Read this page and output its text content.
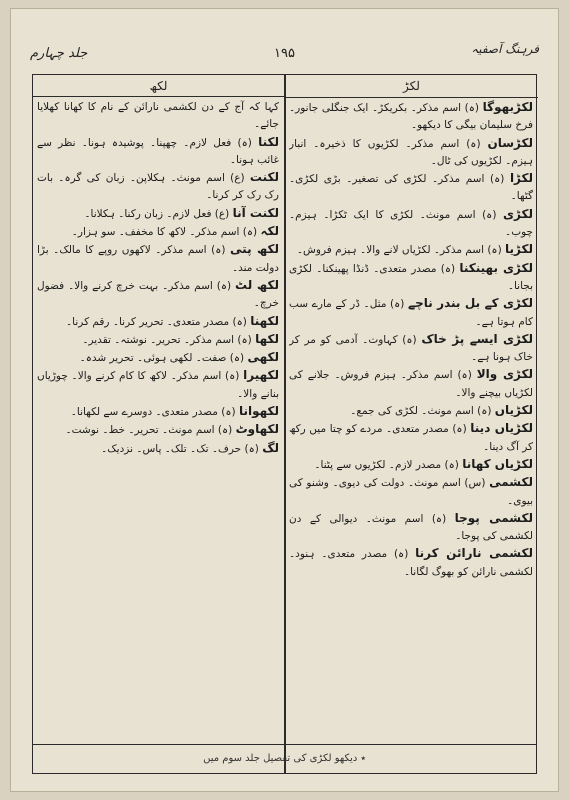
جلد چہارم	۱۹۵	فرہنگ آصفیہ
لکھ	لکڑ
لکڑبھوگا (ہ) اسم مذکر۔ بکریکڑ۔ ایک جنگلی جانور۔ فرخ سلیمان بیگی کا دیکھو۔
لکڑسان (ہ) اسم مذکر۔ لکڑیوں کا ذخیرہ۔ انبار ہیزم۔ لکڑیوں کی ٹال۔
لکڑا (ہ) اسم مذکر۔ لکڑی کی تصغیر۔ بڑی لکڑی۔ گٹھا۔
لکڑی (ہ) اسم مونث۔ لکڑی کا ایک ٹکڑا۔ ہیزم۔ چوب۔
لکڑیا (ہ) اسم مذکر۔ لکڑیاں لانے والا۔ ہیزم فروش۔
لکڑی بھینکنا (ہ) مصدر متعدی۔ ڈنڈا پھینکنا۔ لکڑی بجانا۔
لکڑی کے بل بندر ناچے (ہ) مثل۔ ڈر کے مارے سب کام ہوتا ہے۔
لکڑی ایسے پڑ خاک (ہ) کہاوت۔ آدمی کو مر کر خاک ہونا ہے۔
لکڑی والا (ہ) اسم مذکر۔ ہیزم فروش۔ جلانے کی لکڑیاں بیچنے والا۔
لکڑیاں (ہ) اسم مونث۔ لکڑی کی جمع۔
لکڑیاں دینا (ہ) مصدر متعدی۔ مردے کو چتا میں رکھ کر آگ دینا۔
لکڑیاں کھانا (ہ) مصدر لازم۔ لکڑیوں سے پٹنا۔
لکشمی (س) اسم مونث۔ دولت کی دیوی۔ وشنو کی بیوی۔
لکشمی پوجا (ہ) اسم مونث۔ دیوالی کے دن لکشمی کی پوجا۔
لکشمی نارائن کرنا (ہ) مصدر متعدی۔ ہنود۔ لکشمی نارائن کو بھوگ لگانا۔
کہا کہ آج کے دن لکشمی نارائن کے نام کا کھانا کھلایا جائے۔
لکنا (ہ) فعل لازم۔ چھپنا۔ پوشیدہ ہونا۔ نظر سے غائب ہونا۔
لکنت (ع) اسم مونث۔ ہکلاپن۔ زبان کی گرہ۔ بات رک رک کر کرنا۔
لکنت آنا (ع) فعل لازم۔ زبان رکنا۔ ہکلانا۔
لکہ (ہ) اسم مذکر۔ لاکھ کا مخفف۔ سو ہزار۔
لکھ پتی (ہ) اسم مذکر۔ لاکھوں روپے کا مالک۔ بڑا دولت مند۔
لکھ لٹ (ہ) اسم مذکر۔ بہت خرچ کرنے والا۔ فضول خرچ۔
لکھنا (ہ) مصدر متعدی۔ تحریر کرنا۔ رقم کرنا۔
لکھا (ہ) اسم مذکر۔ تحریر۔ نوشتہ۔ تقدیر۔
لکھی (ہ) صفت۔ لکھی ہوئی۔ تحریر شدہ۔
لکھیرا (ہ) اسم مذکر۔ لاکھ کا کام کرنے والا۔ چوڑیاں بنانے والا۔
لکھوانا (ہ) مصدر متعدی۔ دوسرے سے لکھانا۔
لکھاوٹ (ہ) اسم مونث۔ تحریر۔ خط۔ نوشت۔
لگ (ہ) حرف۔ تک۔ تلک۔ پاس۔ نزدیک۔
٭ دیکھو لکڑی کی تفصیل جلد سوم میں
